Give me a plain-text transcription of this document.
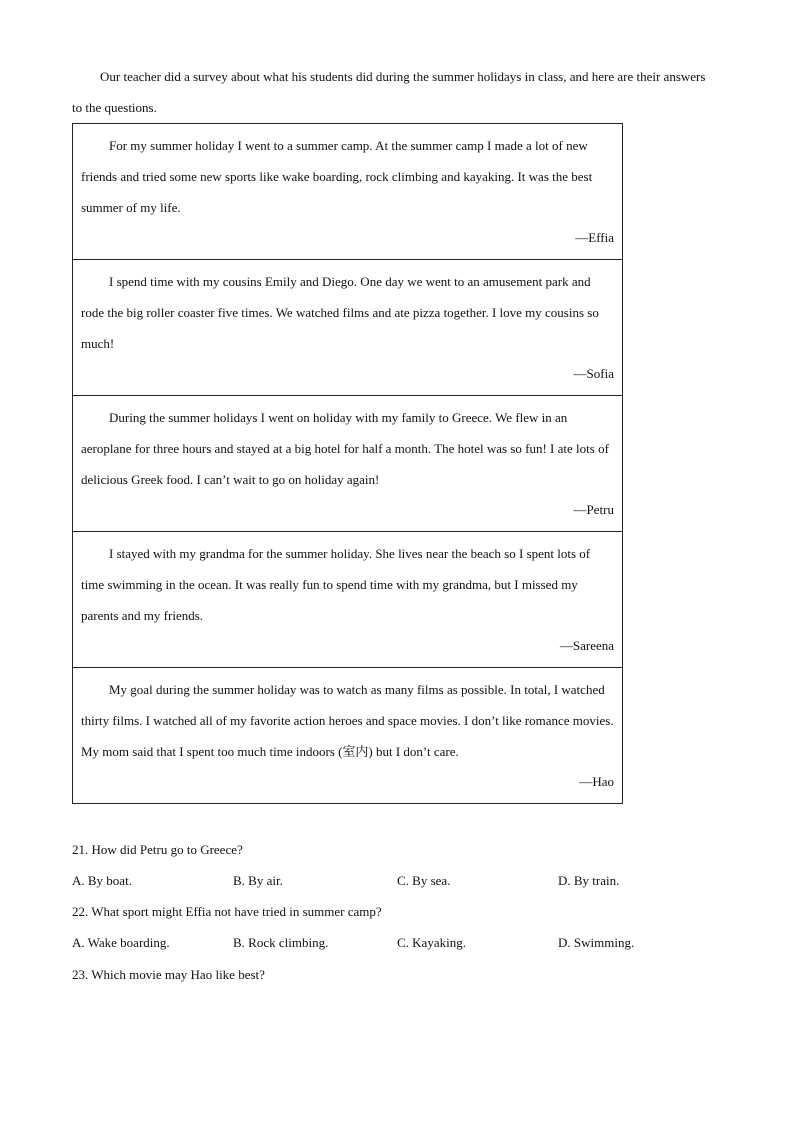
Our teacher did a survey about what his students did during the summer holidays in class, and here are their answers to the questions.

For my summer holiday I went to a summer camp. At the summer camp I made a lot of new friends and tried some new sports like wake boarding, rock climbing and kayaking. It was the best summer of my life.

—Effia

I spend time with my cousins Emily and Diego. One day we went to an amusement park and rode the big roller coaster five times. We watched films and ate pizza together. I love my cousins so much!

—Sofia

During the summer holidays I went on holiday with my family to Greece. We flew in an aeroplane for three hours and stayed at a big hotel for half a month. The hotel was so fun! I ate lots of delicious Greek food. I can’t wait to go on holiday again!

—Petru

I stayed with my grandma for the summer holiday. She lives near the beach so I spent lots of time swimming in the ocean. It was really fun to spend time with my grandma, but I missed my parents and my friends.

—Sareena

My goal during the summer holiday was to watch as many films as possible. In total, I watched thirty films. I watched all of my favorite action heroes and space movies. I don’t like romance movies. My mom said that I spent too much time indoors (室内) but I don’t care.

—Hao

21. How did Petru go to Greece?

A. By boat.	B. By air.	C. By sea.	D. By train.

22. What sport might Effia not have tried in summer camp?

A. Wake boarding.	B. Rock climbing.	C. Kayaking.	D. Swimming.

23. Which movie may Hao like best?
